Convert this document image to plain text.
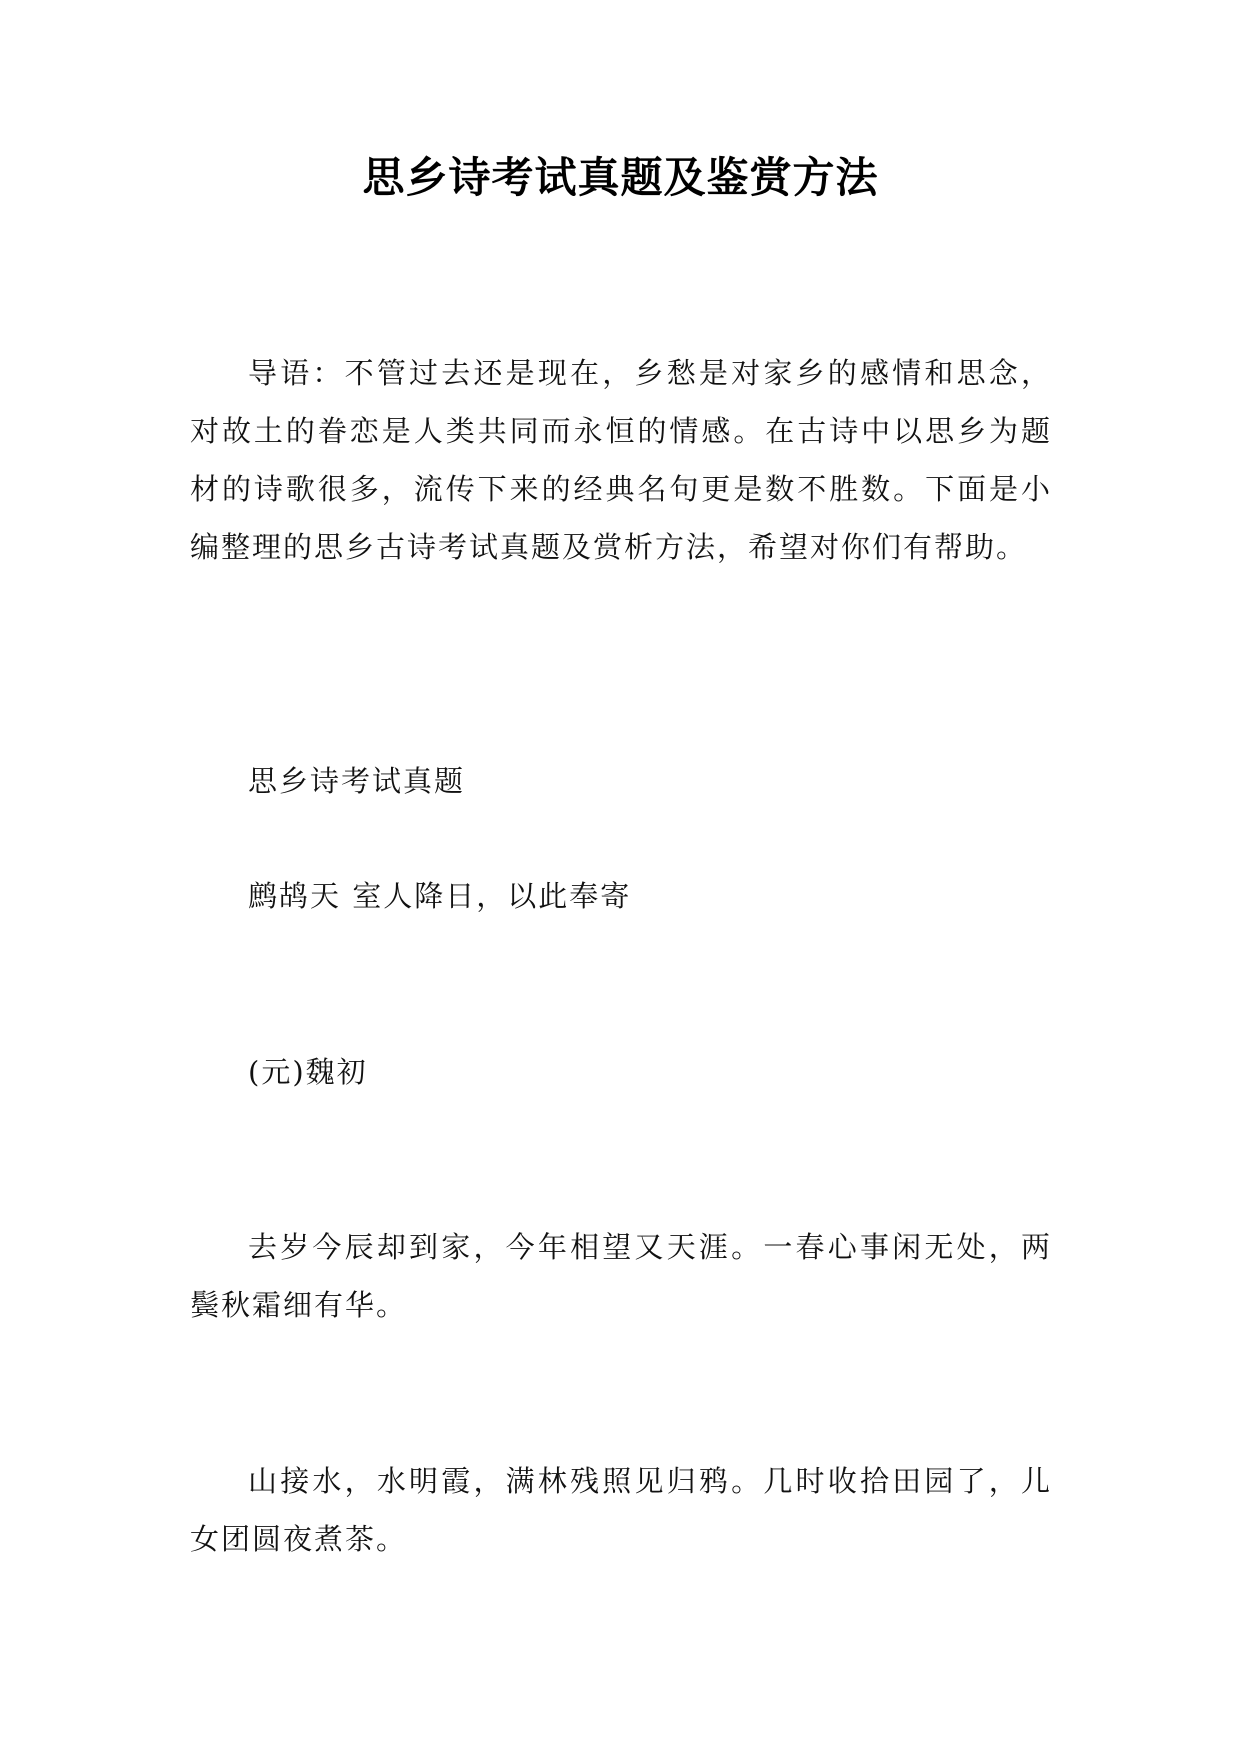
思乡诗考试真题及鉴赏方法

导语：不管过去还是现在，乡愁是对家乡的感情和思念，对故土的眷恋是人类共同而永恒的情感。在古诗中以思乡为题材的诗歌很多，流传下来的经典名句更是数不胜数。下面是小编整理的思乡古诗考试真题及赏析方法，希望对你们有帮助。

思乡诗考试真题

鹧鸪天 室人降日，以此奉寄

(元)魏初

去岁今辰却到家，今年相望又天涯。一春心事闲无处，两鬓秋霜细有华。

山接水，水明霞，满林残照见归鸦。几时收拾田园了，儿女团圆夜煮茶。
